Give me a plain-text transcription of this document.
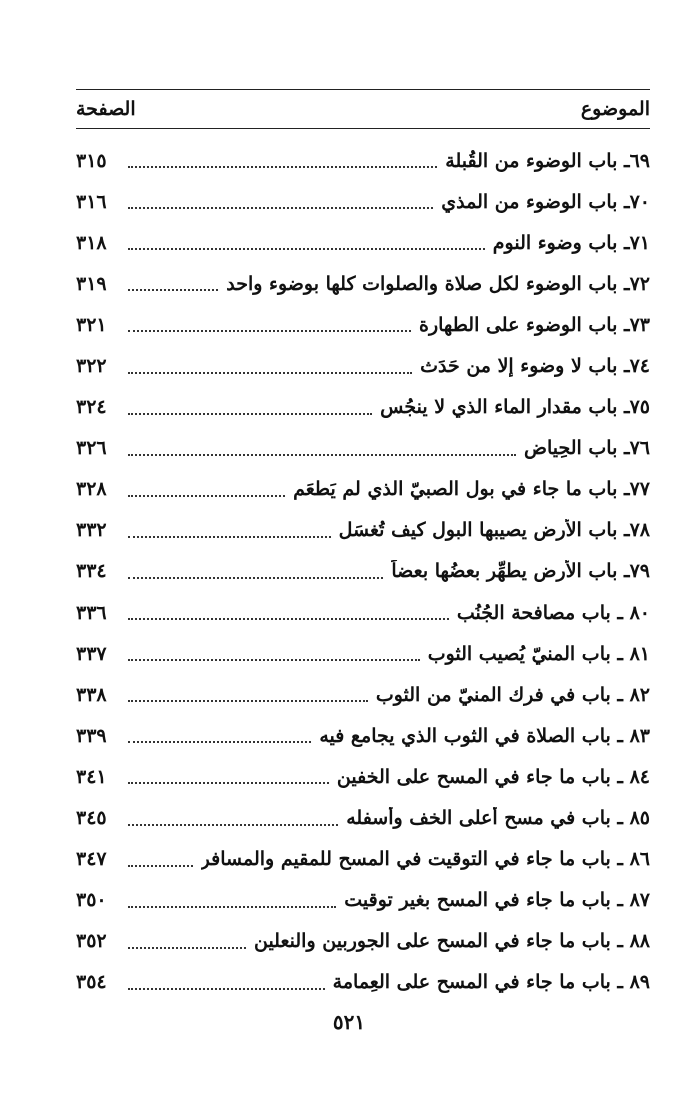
الموضوع
الصفحة
٦٩ـ باب الوضوء من القُبلة
٣١٥
٧٠ـ باب الوضوء من المذي
٣١٦
٧١ـ باب وضوء النوم
٣١٨
٧٢ـ باب الوضوء لكل صلاة والصلوات كلها بوضوء واحد
٣١٩
٧٣ـ باب الوضوء على الطهارة
٣٢١
٧٤ـ باب لا وضوء إلا من حَدَث
٣٢٢
٧٥ـ باب مقدار الماء الذي لا ينجُس
٣٢٤
٧٦ـ باب الحِياض
٣٢٦
٧٧ـ باب ما جاء في بول الصبيّ الذي لم يَطعَم
٣٢٨
٧٨ـ باب الأرض يصيبها البول كيف تُغسَل
٣٣٢
٧٩ـ باب الأرض يطهِّر بعضُها بعضاً
٣٣٤
٨٠ ـ باب مصافحة الجُنُب
٣٣٦
٨١ ـ باب المنيّ يُصيب الثوب
٣٣٧
٨٢ ـ باب في فرك المنيّ من الثوب
٣٣٨
٨٣ ـ باب الصلاة في الثوب الذي يجامع فيه
٣٣٩
٨٤ ـ باب ما جاء في المسح على الخفين
٣٤١
٨٥ ـ باب في مسح أعلى الخف وأسفله
٣٤٥
٨٦ ـ باب ما جاء في التوقيت في المسح للمقيم والمسافر
٣٤٧
٨٧ ـ باب ما جاء في المسح بغير توقيت
٣٥٠
٨٨ ـ باب ما جاء في المسح على الجوربين والنعلين
٣٥٢
٨٩ ـ باب ما جاء في المسح على العِمامة
٣٥٤
٥٢١
